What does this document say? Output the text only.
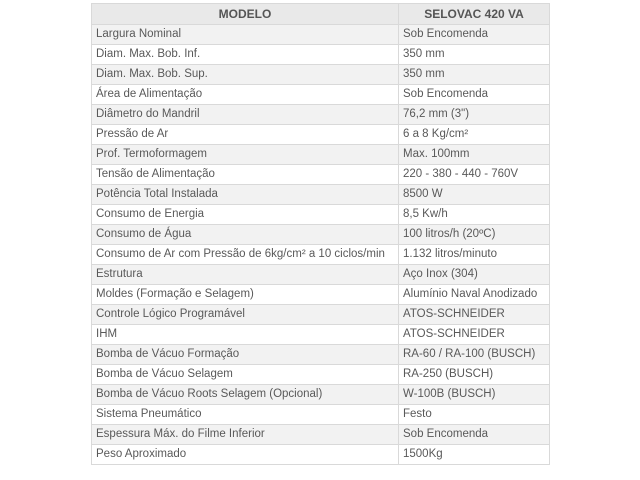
MODELO	SELOVAC 420 VA
Largura Nominal	Sob Encomenda
Diam. Max. Bob. Inf.	350 mm
Diam. Max. Bob. Sup.	350 mm
Área de Alimentação	Sob Encomenda
Diâmetro do Mandril	76,2 mm (3")
Pressão de Ar	6 a 8 Kg/cm²
Prof. Termoformagem	Max. 100mm
Tensão de Alimentação	220 - 380 - 440 - 760V
Potência Total Instalada	8500 W
Consumo de Energia	8,5 Kw/h
Consumo de Água	100 litros/h (20ºC)
Consumo de Ar com Pressão de 6kg/cm² a 10 ciclos/min	1.132 litros/minuto
Estrutura	Aço Inox (304)
Moldes (Formação e Selagem)	Alumínio Naval Anodizado
Controle Lógico Programável	ATOS-SCHNEIDER
IHM	ATOS-SCHNEIDER
Bomba de Vácuo Formação	RA-60 / RA-100 (BUSCH)
Bomba de Vácuo Selagem	RA-250 (BUSCH)
Bomba de Vácuo Roots Selagem (Opcional)	W-100B (BUSCH)
Sistema Pneumático	Festo
Espessura Máx. do Filme Inferior	Sob Encomenda
Peso Aproximado	1500Kg
